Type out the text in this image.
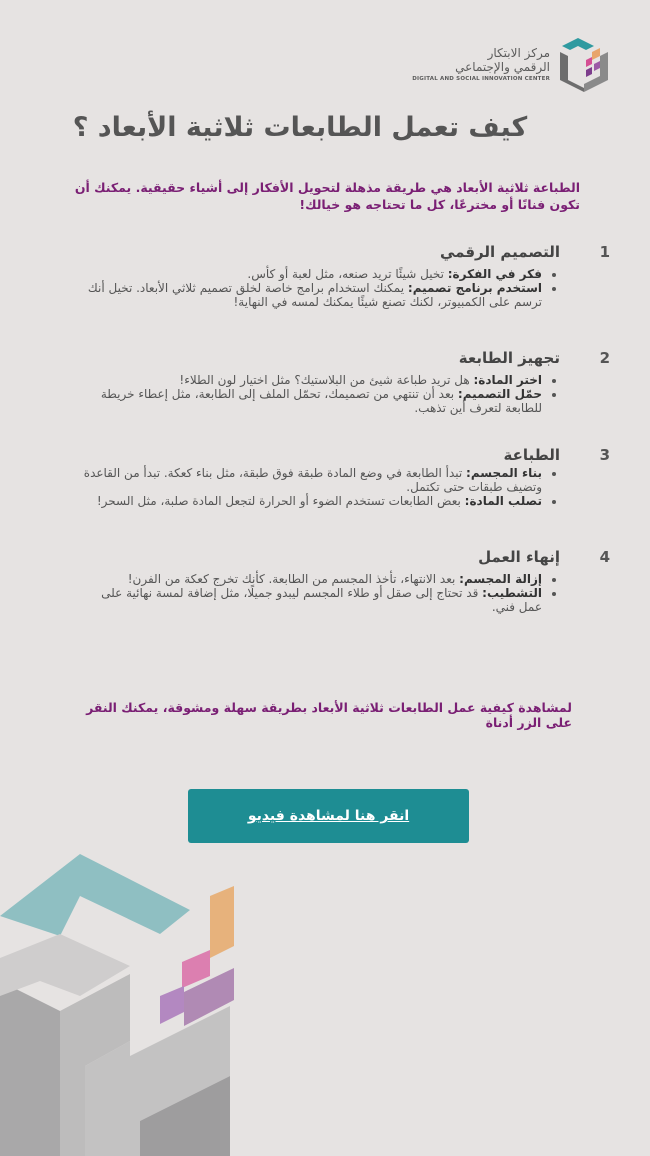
مركز الابتكار
الرقمي والإجتماعي
DIGITAL AND SOCIAL INNOVATION CENTER
كيف تعمل الطابعات ثلاثية الأبعاد ؟
الطباعة ثلاثية الأبعاد هي طريقة مذهلة لتحويل الأفكار إلى أشياء حقيقية. يمكنك أن تكون فنانًا أو مخترعًا، كل ما تحتاجه هو خيالك!
1
التصميم الرقمي
• فكر في الفكرة: تخيل شيئًا تريد صنعه، مثل لعبة أو كأس.
• استخدم برنامج تصميم: يمكنك استخدام برامج خاصة لخلق تصميم ثلاثي الأبعاد. تخيل أنك ترسم على الكمبيوتر، لكنك تصنع شيئًا يمكنك لمسه في النهاية!
2
تجهيز الطابعة
• اختر المادة: هل تريد طباعة شيئ من البلاستيك؟ مثل اختيار لون الطلاء!
• حمّل التصميم: بعد أن تنتهي من تصميمك، تحمّل الملف إلى الطابعة، مثل إعطاء خريطة للطابعة لتعرف أين تذهب.
3
الطباعة
• بناء المجسم: تبدأ الطابعة في وضع المادة طبقة فوق طبقة، مثل بناء كعكة. تبدأ من القاعدة وتضيف طبقات حتى تكتمل.
• تصلب المادة: بعض الطابعات تستخدم الضوء أو الحرارة لتجعل المادة صلبة، مثل السحر!
4
إنهاء العمل
• إزالة المجسم: بعد الانتهاء، تأخذ المجسم من الطابعة. كأنك تخرج كعكة من الفرن!
• التشطيب: قد تحتاج إلى صقل أو طلاء المجسم ليبدو جميلًا، مثل إضافة لمسة نهائية على عمل فني.
لمشاهدة كيفية عمل الطابعات ثلاثية الأبعاد بطريقة سهلة ومشوقة، يمكنك النقر على الزر أدناة
انقر هنا لمشاهدة فيديو
